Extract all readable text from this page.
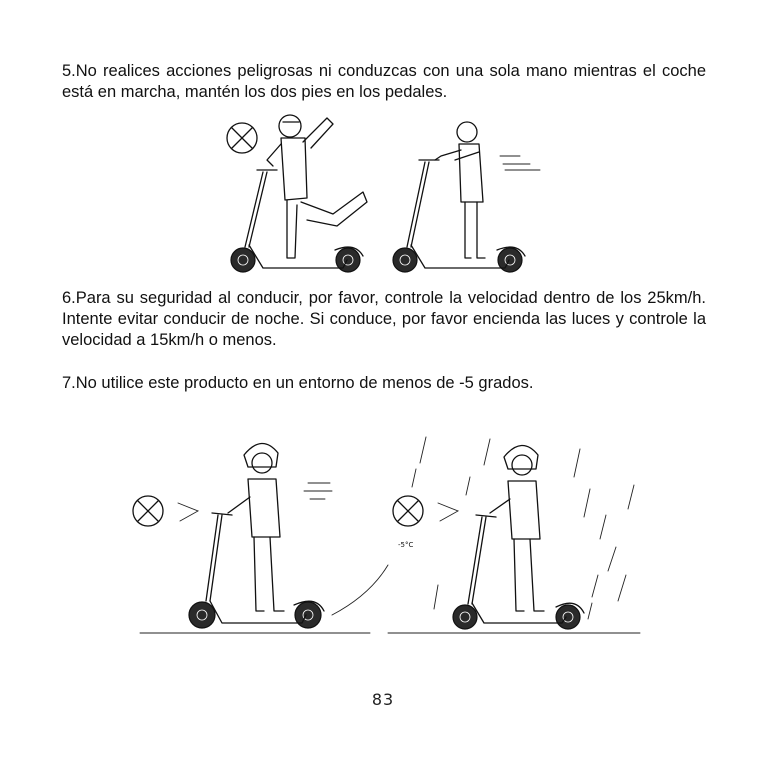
5.No realices acciones peligrosas ni conduzcas con una sola mano mientras el coche está en marcha, mantén los dos pies en los pedales.

6.Para su seguridad al conducir, por favor, controle la velocidad dentro de los 25km/h. Intente evitar conducir de noche. Si conduce, por favor encienda las luces y controle la velocidad a 15km/h o menos.

7.No utilice este producto en un entorno de menos de -5 grados.

-5°C
83
